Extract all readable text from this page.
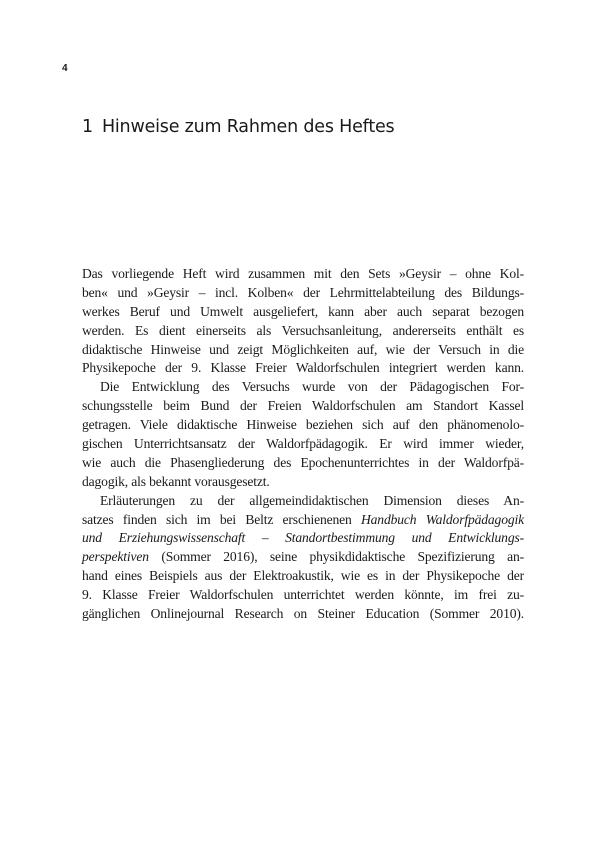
4
1 Hinweise zum Rahmen des Heftes

Das vorliegende Heft wird zusammen mit den Sets »Geysir – ohne Kol-
ben« und »Geysir – incl. Kolben« der Lehrmittelabteilung des Bildungs-
werkes Beruf und Umwelt ausgeliefert, kann aber auch separat bezogen
werden. Es dient einerseits als Versuchsanleitung, andererseits enthält es
didaktische Hinweise und zeigt Möglichkeiten auf, wie der Versuch in die
Physikepoche der 9. Klasse Freier Waldorfschulen integriert werden kann.

Die Entwicklung des Versuchs wurde von der Pädagogischen For-
schungsstelle beim Bund der Freien Waldorfschulen am Standort Kassel
getragen. Viele didaktische Hinweise beziehen sich auf den phänomenolo-
gischen Unterrichtsansatz der Waldorfpädagogik. Er wird immer wieder,
wie auch die Phasengliederung des Epochenunterrichtes in der Waldorfpä-
dagogik, als bekannt vorausgesetzt.

Erläuterungen zu der allgemeindidaktischen Dimension dieses An-
satzes finden sich im bei Beltz erschienenen Handbuch Waldorfpädagogik
und Erziehungswissenschaft – Standortbestimmung und Entwicklungs-
perspektiven (Sommer 2016), seine physikdidaktische Spezifizierung an-
hand eines Beispiels aus der Elektroakustik, wie es in der Physikepoche der
9. Klasse Freier Waldorfschulen unterrichtet werden könnte, im frei zu-
gänglichen Onlinejournal Research on Steiner Education (Sommer 2010).
